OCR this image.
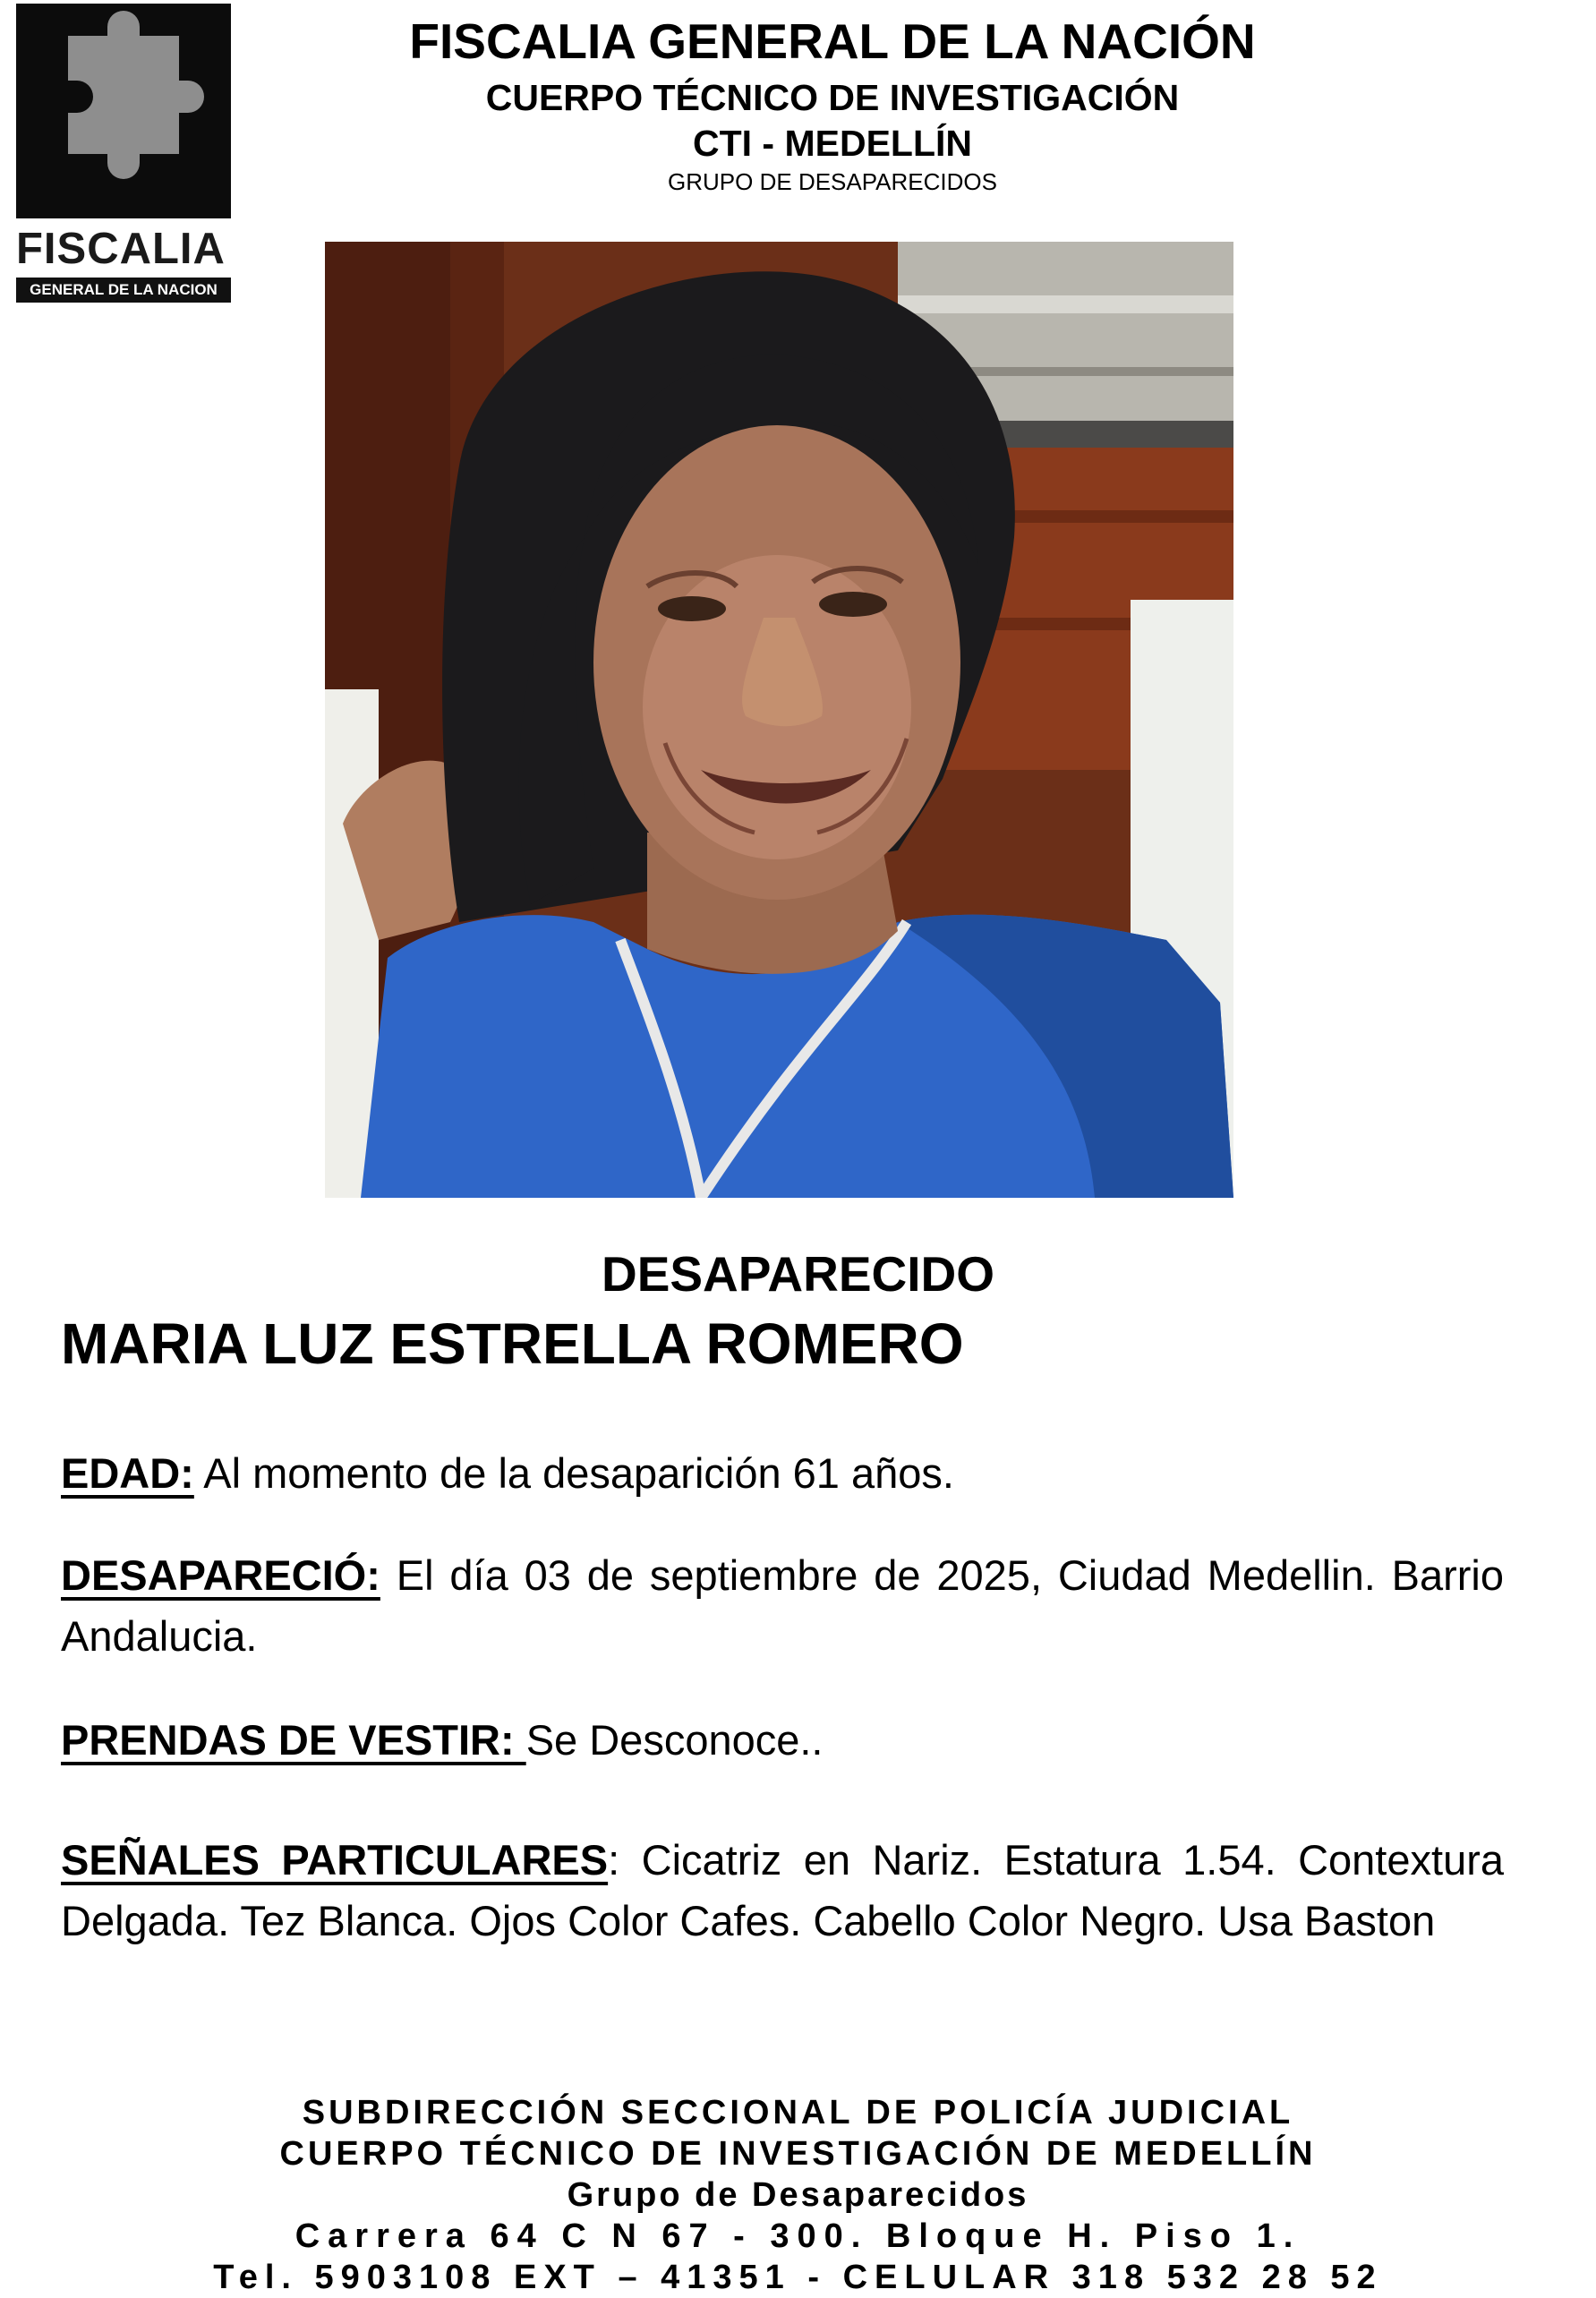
FISCALIA
GENERAL DE LA NACION
FISCALIA GENERAL DE LA NACIÓN
CUERPO TÉCNICO DE INVESTIGACIÓN
CTI - MEDELLÍN
GRUPO DE DESAPARECIDOS
DESAPARECIDO
MARIA LUZ ESTRELLA ROMERO
EDAD: Al momento de la desaparición 61 años.
DESAPARECIÓ: El día 03 de septiembre de 2025, Ciudad Medellin. Barrio Andalucia.
PRENDAS DE VESTIR: Se Desconoce..
SEÑALES PARTICULARES: Cicatriz en Nariz. Estatura 1.54. Contextura Delgada. Tez Blanca. Ojos Color Cafes. Cabello Color Negro. Usa Baston
SUBDIRECCIÓN SECCIONAL DE POLICÍA JUDICIAL
CUERPO TÉCNICO DE INVESTIGACIÓN DE MEDELLÍN
Grupo de Desaparecidos
Carrera 64 C N 67 - 300. Bloque H. Piso 1.
Tel. 5903108 EXT – 41351 - CELULAR 318 532 28 52
